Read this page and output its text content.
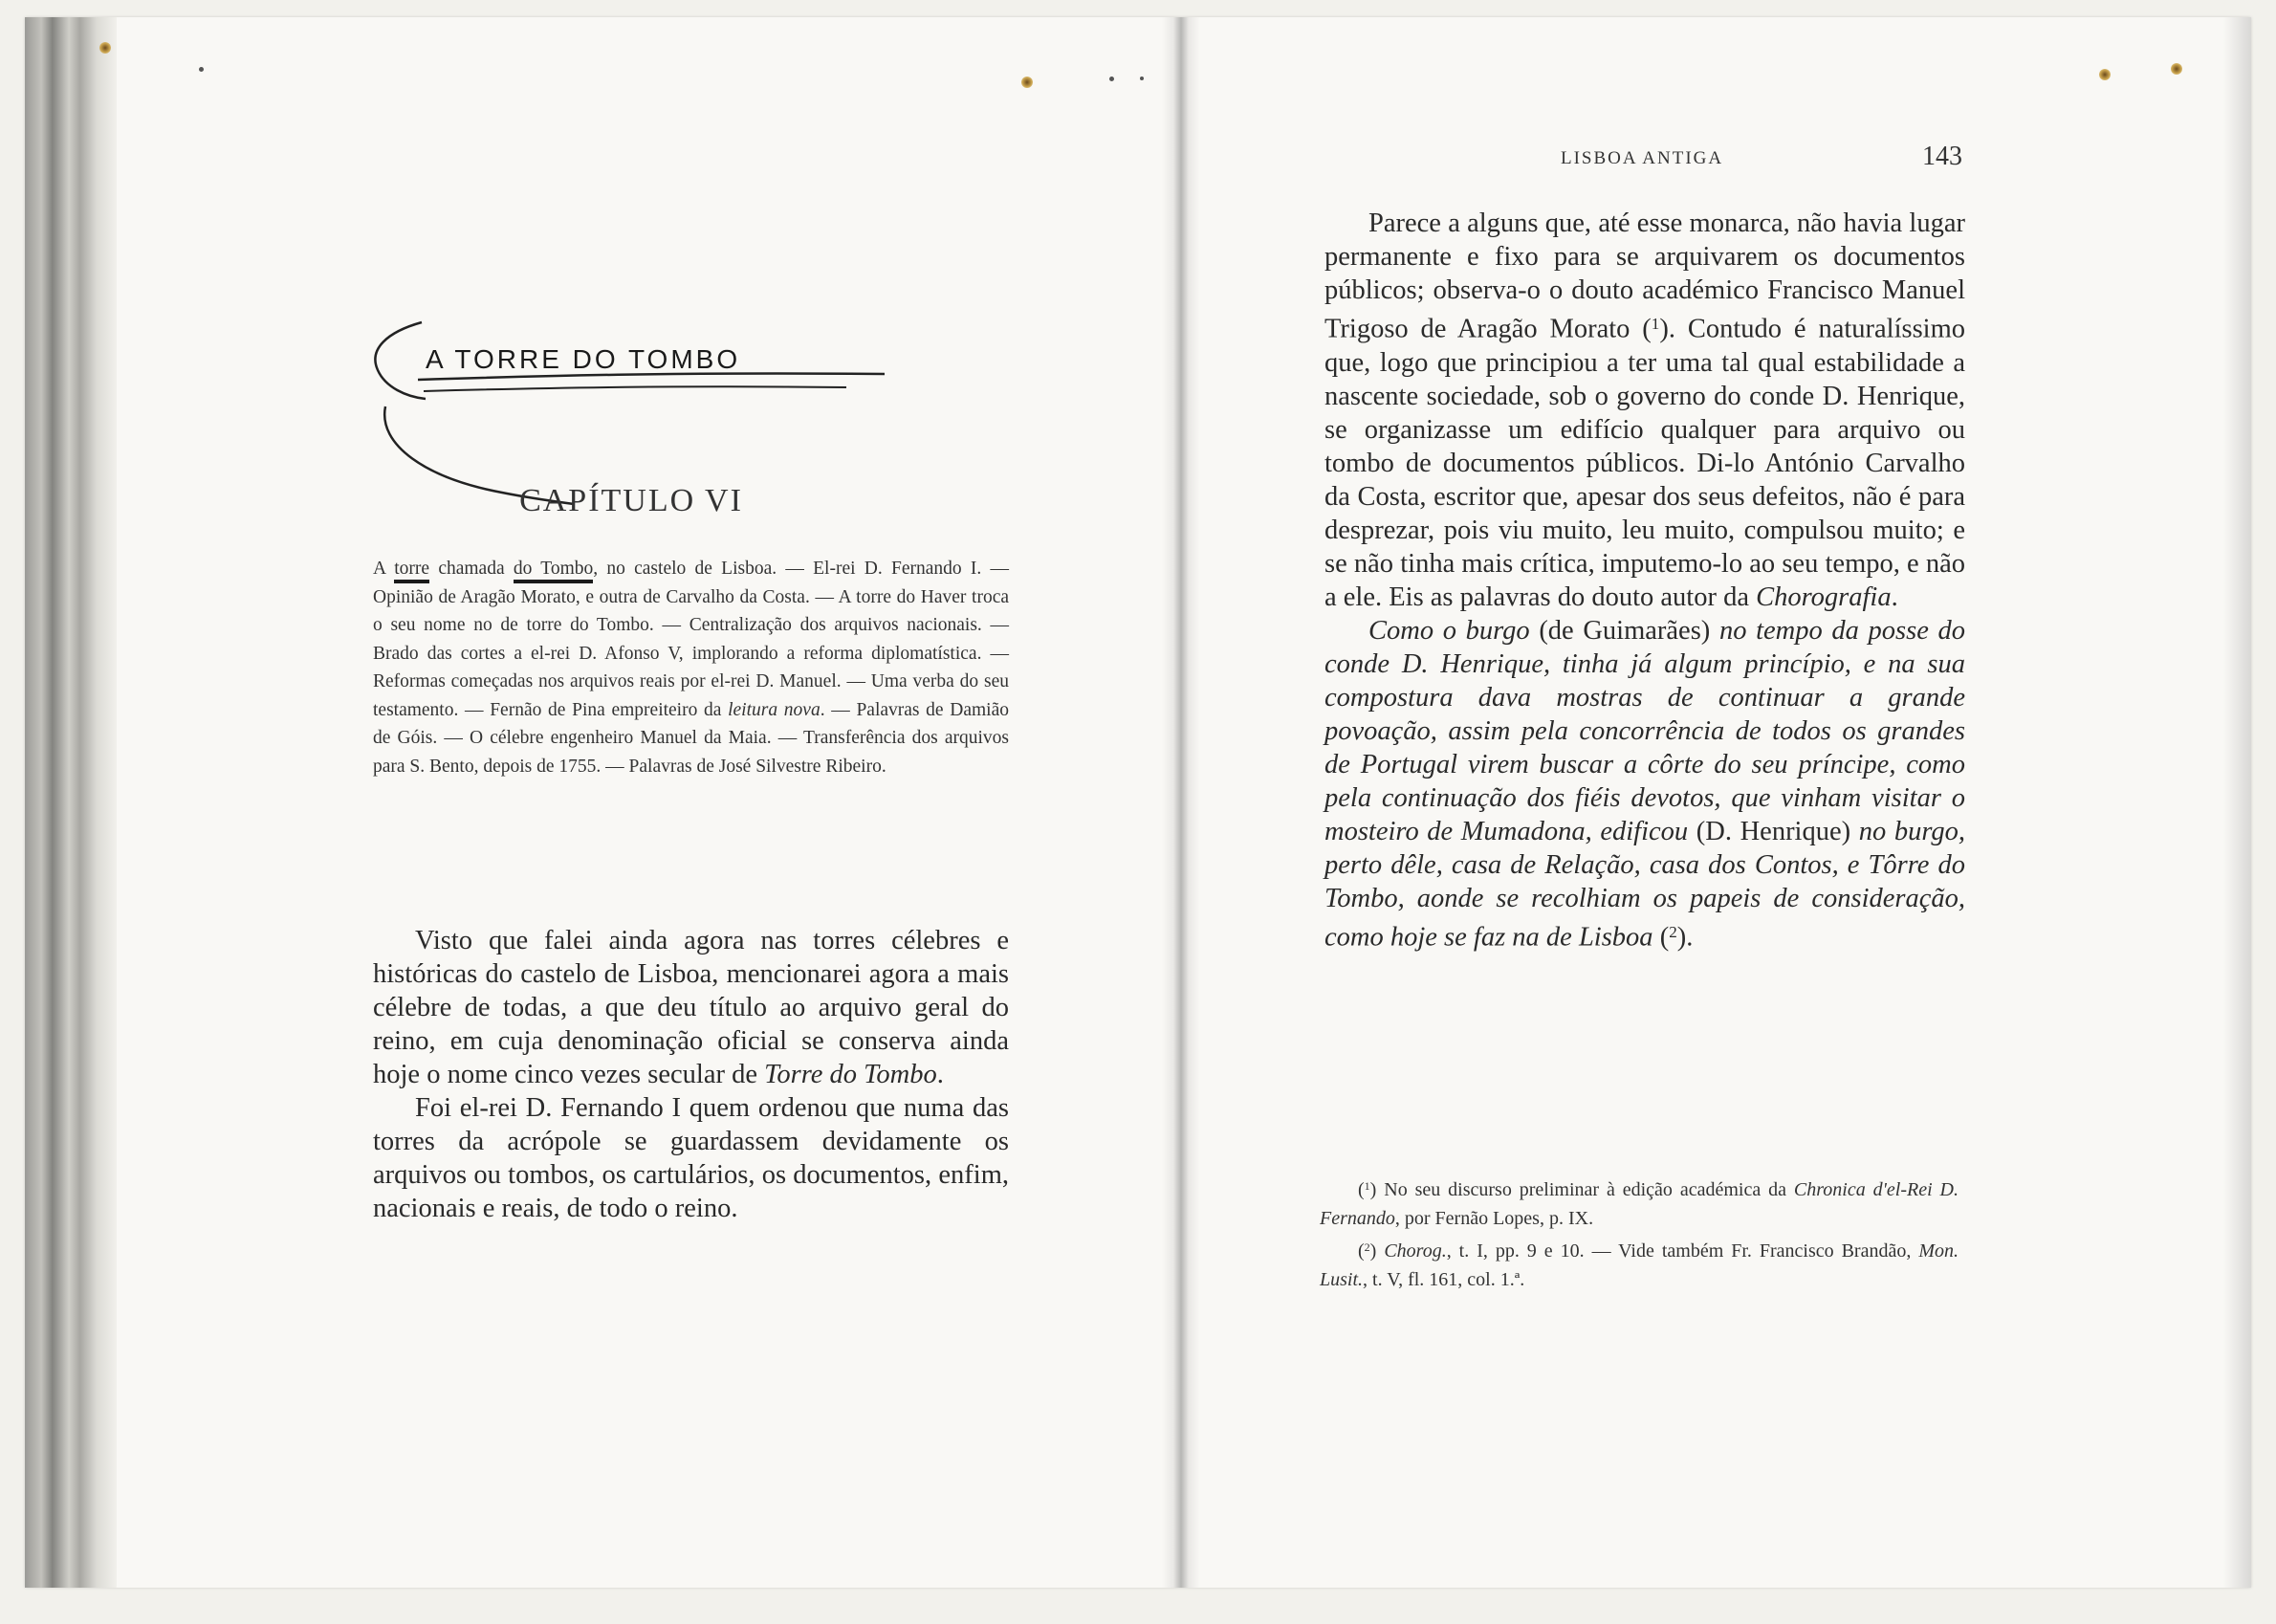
A TORRE DO TOMBO
CAPÍTULO VI
A torre chamada do Tombo, no castelo de Lisboa. — El-rei D. Fernando I. — Opinião de Aragão Morato, e outra de Carvalho da Costa. — A torre do Haver troca o seu nome no de torre do Tombo. — Centralização dos arquivos nacionais. — Brado das cortes a el-rei D. Afonso V, implorando a reforma diplomatística. — Reformas começadas nos arquivos reais por el-rei D. Manuel. — Uma verba do seu testamento. — Fernão de Pina empreiteiro da leitura nova. — Palavras de Damião de Góis. — O célebre engenheiro Manuel da Maia. — Transferência dos arquivos para S. Bento, depois de 1755. — Palavras de José Silvestre Ribeiro.

Visto que falei ainda agora nas torres célebres e históricas do castelo de Lisboa, mencionarei agora a mais célebre de todas, a que deu título ao arquivo geral do reino, em cuja denominação oficial se conserva ainda hoje o nome cinco vezes secular de Torre do Tombo.

Foi el-rei D. Fernando I quem ordenou que numa das torres da acrópole se guardassem devidamente os arquivos ou tombos, os cartulários, os documentos, enfim, nacionais e reais, de todo o reino.

LISBOA ANTIGA	143

Parece a alguns que, até esse monarca, não havia lugar permanente e fixo para se arquivarem os documentos públicos; observa-o o douto académico Francisco Manuel Trigoso de Aragão Morato ($^1$). Contudo é naturalíssimo que, logo que principiou a ter uma tal qual estabilidade a nascente sociedade, sob o governo do conde D. Henrique, se organizasse um edifício qualquer para arquivo ou tombo de documentos públicos. Di-lo António Carvalho da Costa, escritor que, apesar dos seus defeitos, não é para desprezar, pois viu muito, leu muito, compulsou muito; e se não tinha mais crítica, imputemo-lo ao seu tempo, e não a ele. Eis as palavras do douto autor da Chorografia.

Como o burgo (de Guimarães) no tempo da posse do conde D. Henrique, tinha já algum princípio, e na sua compostura dava mostras de continuar a grande povoação, assim pela concorrência de todos os grandes de Portugal virem buscar a côrte do seu príncipe, como pela continuação dos fiéis devotos, que vinham visitar o mosteiro de Mumadona, edificou (D. Henrique) no burgo, perto dêle, casa de Relação, casa dos Contos, e Tôrre do Tombo, aonde se recolhiam os papeis de consideração, como hoje se faz na de Lisboa ($^2$).

($^1$) No seu discurso preliminar à edição académica da Chronica d'el-Rei D. Fernando, por Fernão Lopes, p. IX.

($^2$) Chorog., t. I, pp. 9 e 10. — Vide também Fr. Francisco Brandão, Mon. Lusit., t. V, fl. 161, col. 1.ª.
